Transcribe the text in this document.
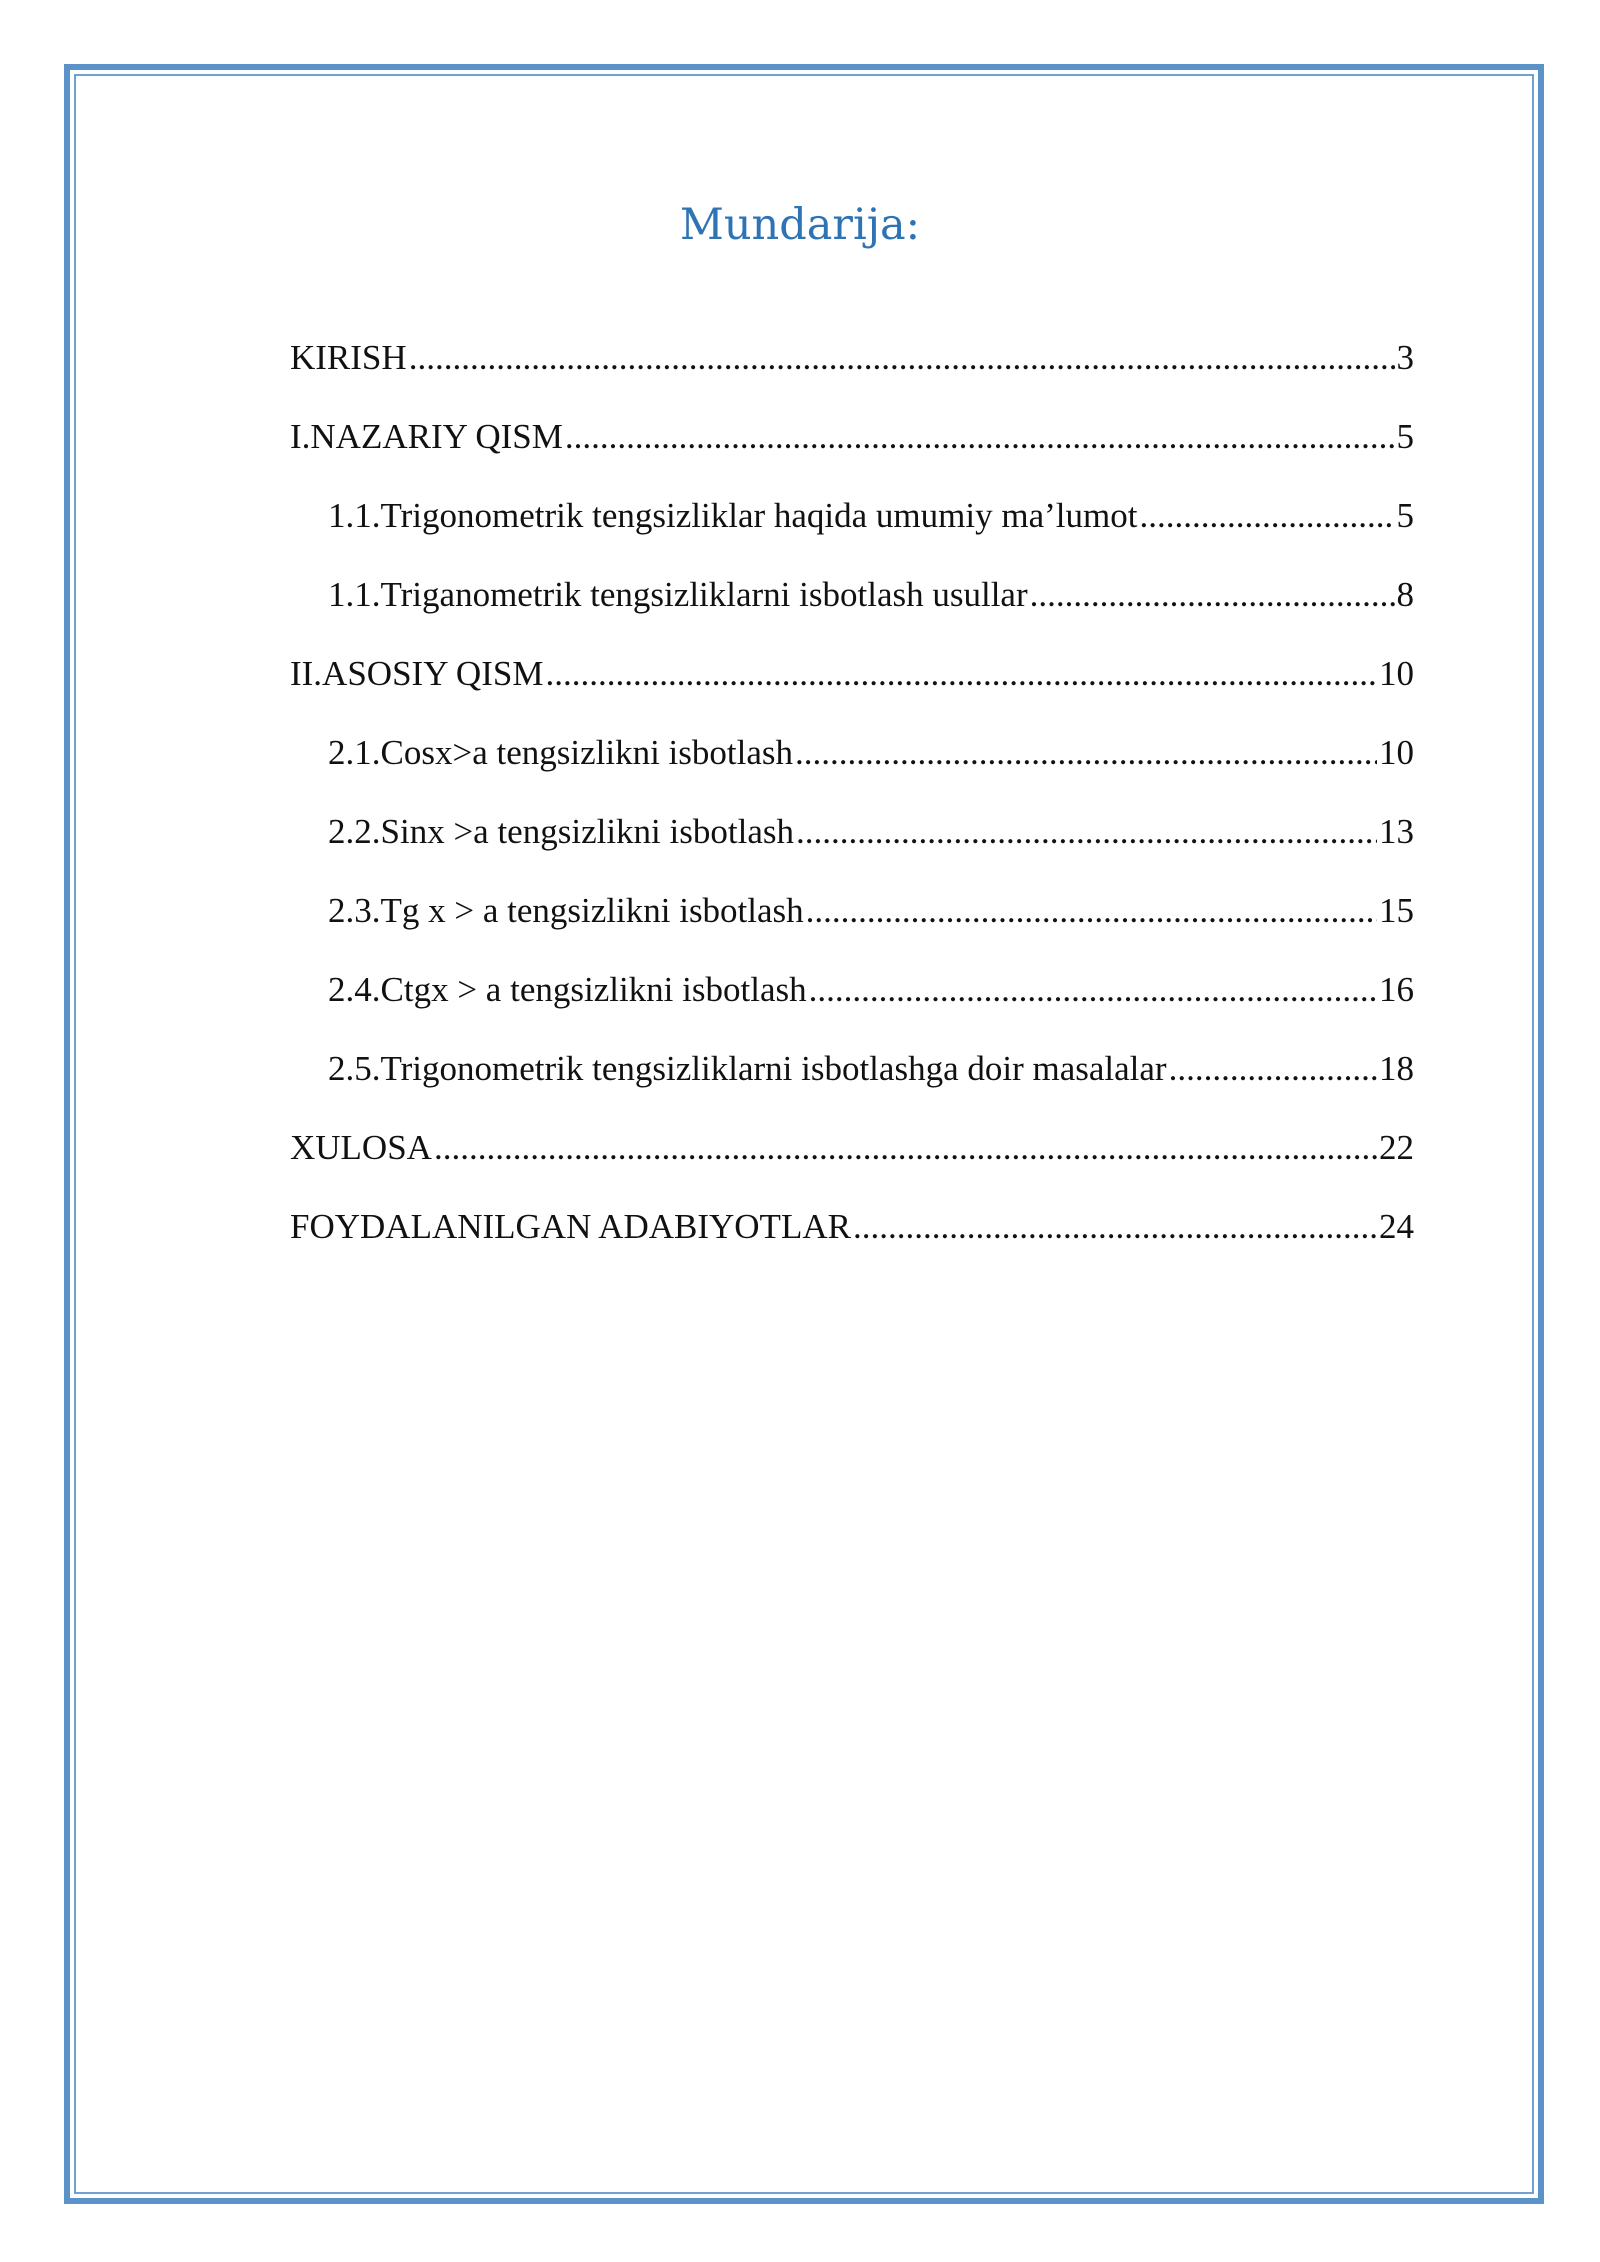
Mundarija:
KIRISH .....	3
I.NAZARIY QISM .....	5
1.1.Trigonometrik tengsizliklar haqida umumiy ma’lumot .....	5
1.1.Triganometrik tengsizliklarni isbotlash usullar .....	8
II.ASOSIY QISM .....	10
2.1.Cosx>a tengsizlikni isbotlash .....	10
2.2.Sinx >a tengsizlikni isbotlash .....	13
2.3.Tg x > a tengsizlikni isbotlash .....	15
2.4.Ctgx > a tengsizlikni isbotlash .....	16
2.5.Trigonometrik tengsizliklarni isbotlashga doir masalalar .....	18
XULOSA .....	22
FOYDALANILGAN ADABIYOTLAR .....	24
